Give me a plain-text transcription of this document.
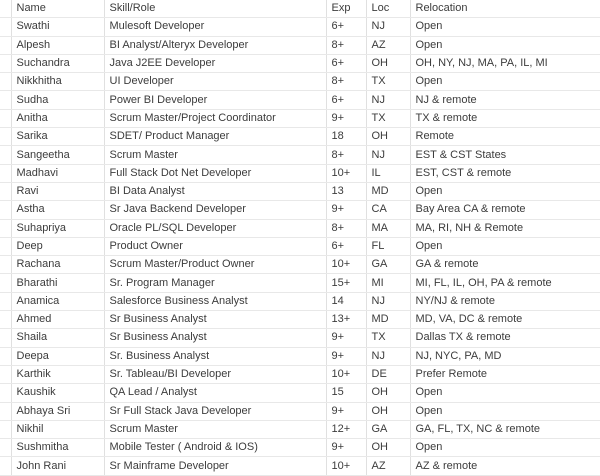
	Name	Skill/Role	Exp	Loc	Relocation
	Swathi	Mulesoft Developer	6+	NJ	Open
	Alpesh	BI Analyst/Alteryx Developer	8+	AZ	Open
	Suchandra	Java J2EE Developer	6+	OH	OH, NY, NJ, MA, PA, IL, MI
	Nikkhitha	UI Developer	8+	TX	Open
	Sudha	Power BI Developer	6+	NJ	NJ & remote
	Anitha	Scrum Master/Project Coordinator	9+	TX	TX & remote
	Sarika	SDET/ Product Manager	18	OH	Remote
	Sangeetha	Scrum Master	8+	NJ	EST & CST States
	Madhavi	Full Stack Dot Net Developer	10+	IL	EST, CST & remote
	Ravi	BI Data Analyst	13	MD	Open
	Astha	Sr Java Backend Developer	9+	CA	Bay Area CA & remote
	Suhapriya	Oracle PL/SQL Developer	8+	MA	MA, RI, NH & Remote
	Deep	Product Owner	6+	FL	Open
	Rachana	Scrum Master/Product Owner	10+	GA	GA & remote
	Bharathi	Sr. Program Manager	15+	MI	MI, FL, IL, OH, PA & remote
	Anamica	Salesforce Business Analyst	14	NJ	NY/NJ & remote
	Ahmed	Sr Business Analyst	13+	MD	MD, VA, DC & remote
	Shaila	Sr Business Analyst	9+	TX	Dallas TX & remote
	Deepa	Sr. Business Analyst	9+	NJ	NJ, NYC, PA, MD
	Karthik	Sr. Tableau/BI Developer	10+	DE	Prefer Remote
	Kaushik	QA Lead / Analyst	15	OH	Open
	Abhaya Sri	Sr Full Stack Java Developer	9+	OH	Open
	Nikhil	Scrum Master	12+	GA	GA, FL, TX, NC & remote
	Sushmitha	Mobile Tester ( Android & IOS)	9+	OH	Open
	John Rani	Sr Mainframe Developer	10+	AZ	AZ & remote
